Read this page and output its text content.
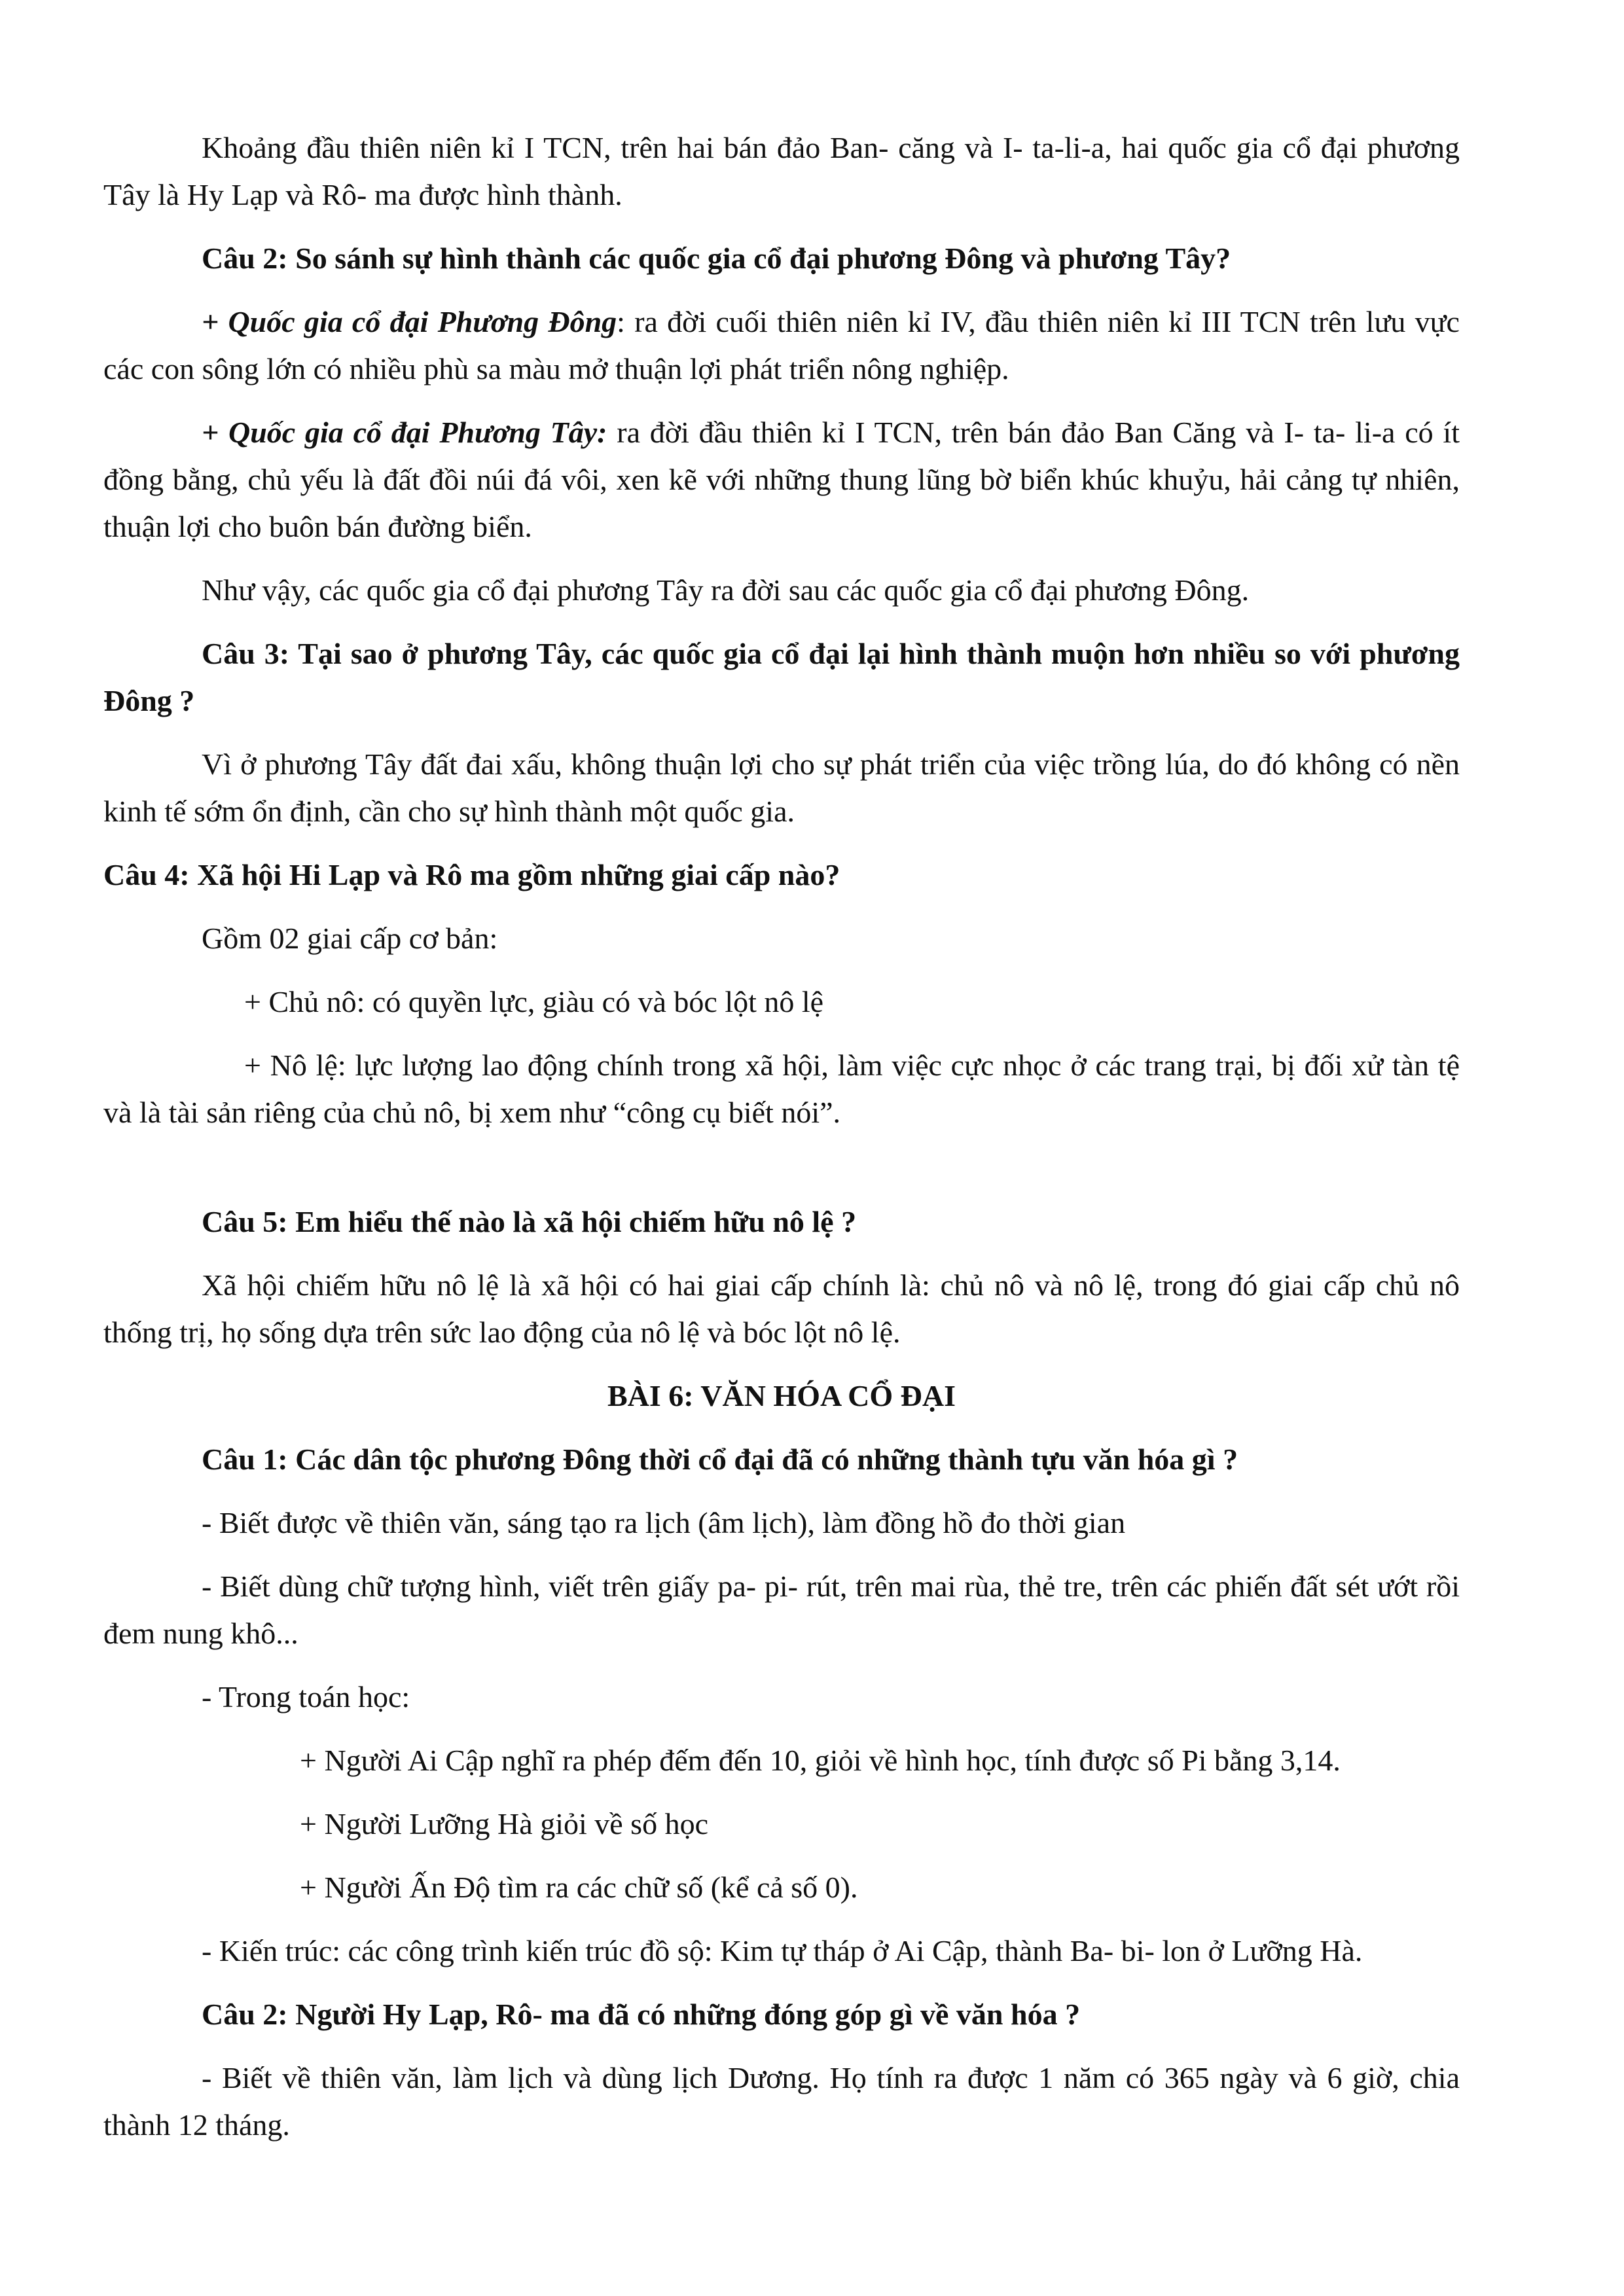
Khoảng đầu thiên niên kỉ I TCN, trên hai bán đảo Ban- căng và I- ta-li-a, hai quốc gia cổ đại phương Tây là Hy Lạp và Rô- ma được hình thành.

Câu 2: So sánh sự hình thành các quốc gia cổ đại phương Đông và phương Tây?

+ Quốc gia cổ đại Phương Đông: ra đời cuối thiên niên kỉ IV, đầu thiên niên kỉ III TCN trên lưu vực các con sông lớn có nhiều phù sa màu mở thuận lợi phát triển nông nghiệp.

+ Quốc gia cổ đại Phương Tây: ra đời đầu thiên kỉ I TCN, trên bán đảo Ban Căng và I- ta- li-a có ít đồng bằng, chủ yếu là đất đồi núi đá vôi, xen kẽ với những thung lũng bờ biển khúc khuỷu, hải cảng tự nhiên, thuận lợi cho buôn bán đường biển.

Như vậy, các quốc gia cổ đại phương Tây ra đời sau các quốc gia cổ đại phương Đông.

Câu 3: Tại sao ở phương Tây, các quốc gia cổ đại lại hình thành muộn hơn nhiều so với phương Đông ?

Vì ở phương Tây đất đai xấu, không thuận lợi cho sự phát triển của việc trồng lúa, do đó không có nền kinh tế sớm ổn định, cần cho sự hình thành một quốc gia.

Câu 4: Xã hội Hi Lạp và Rô ma gồm những giai cấp nào?

Gồm 02 giai cấp cơ bản:

+ Chủ nô: có quyền lực, giàu có và bóc lột nô lệ

+ Nô lệ: lực lượng lao động chính trong xã hội, làm việc cực nhọc ở các trang trại, bị đối xử tàn tệ và là tài sản riêng của chủ nô, bị xem như “công cụ biết nói”.

Câu 5: Em hiểu thế nào là xã hội chiếm hữu nô lệ ?

Xã hội chiếm hữu nô lệ là xã hội có hai giai cấp chính là: chủ nô và nô lệ, trong đó giai cấp chủ nô thống trị, họ sống dựa trên sức lao động của nô lệ và bóc lột nô lệ.

BÀI 6: VĂN HÓA CỔ ĐẠI

Câu 1: Các dân tộc phương Đông thời cổ đại đã có những thành tựu văn hóa gì ?

- Biết được về thiên văn, sáng tạo ra lịch (âm lịch), làm đồng hồ đo thời gian

- Biết dùng chữ tượng hình, viết trên giấy pa- pi- rút, trên mai rùa, thẻ tre, trên các phiến đất sét ướt rồi đem nung khô...

- Trong toán học:

+ Người Ai Cập nghĩ ra phép đếm đến 10, giỏi về hình học, tính được số Pi bằng 3,14.

+ Người Lưỡng Hà giỏi về số học

+ Người Ấn Độ tìm ra các chữ số (kể cả số 0).

- Kiến trúc: các công trình kiến trúc đồ sộ: Kim tự tháp ở Ai Cập, thành Ba- bi- lon ở Lưỡng Hà.

Câu 2: Người Hy Lạp, Rô- ma đã có những đóng góp gì về văn hóa ?

- Biết về thiên văn, làm lịch và dùng lịch Dương. Họ tính ra được 1 năm có 365 ngày và 6 giờ, chia thành 12 tháng.
